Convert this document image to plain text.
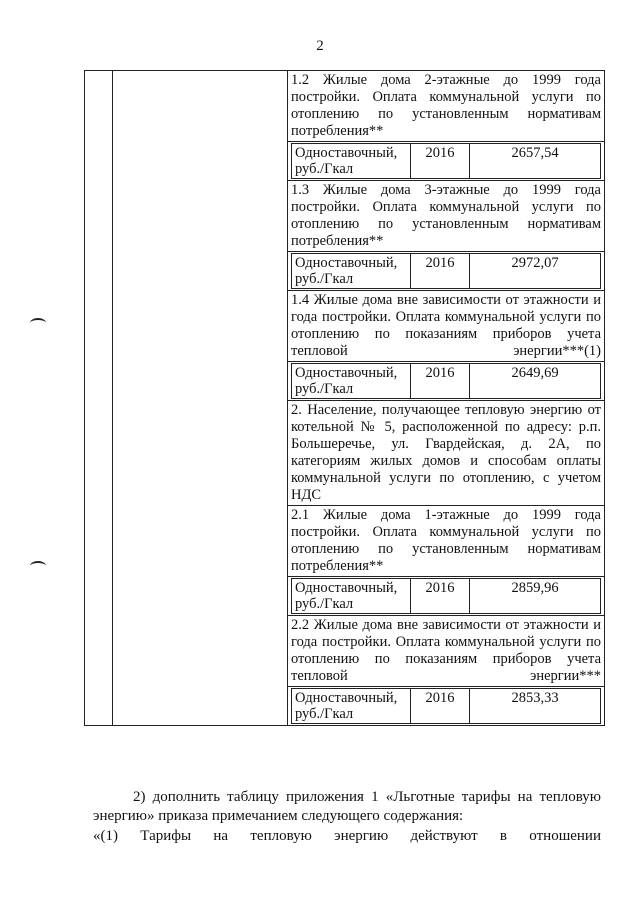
2
		1.2 Жилые дома 2-этажные до 1999 года постройки. Оплата коммунальной услуги по отоплению по установленным нормативам потребления**

Одноставочный, руб./Гкал	2016	2657,54

1.3 Жилые дома 3-этажные до 1999 года постройки. Оплата коммунальной услуги по отоплению по установленным нормативам потребления**

Одноставочный, руб./Гкал	2016	2972,07

1.4 Жилые дома вне зависимости от этажности и года постройки. Оплата коммунальной услуги по отоплению по показаниям приборов учета тепловой энергии***(1)

Одноставочный, руб./Гкал	2016	2649,69

2. Население, получающее тепловую энергию от котельной № 5, расположенной по адресу: р.п. Большеречье, ул. Гвардейская, д. 2А, по категориям жилых домов и способам оплаты коммунальной услуги по отоплению, с учетом НДС
2.1 Жилые дома 1-этажные до 1999 года постройки. Оплата коммунальной услуги по отоплению по установленным нормативам потребления**

Одноставочный, руб./Гкал	2016	2859,96

2.2 Жилые дома вне зависимости от этажности и года постройки. Оплата коммунальной услуги по отоплению по показаниям приборов учета тепловой энергии***

Одноставочный, руб./Гкал	2016	2853,33

2) дополнить таблицу приложения 1 «Льготные тарифы на тепловую энергию» приказа примечанием следующего содержания:

«(1) Тарифы на тепловую энергию действуют в отношении
